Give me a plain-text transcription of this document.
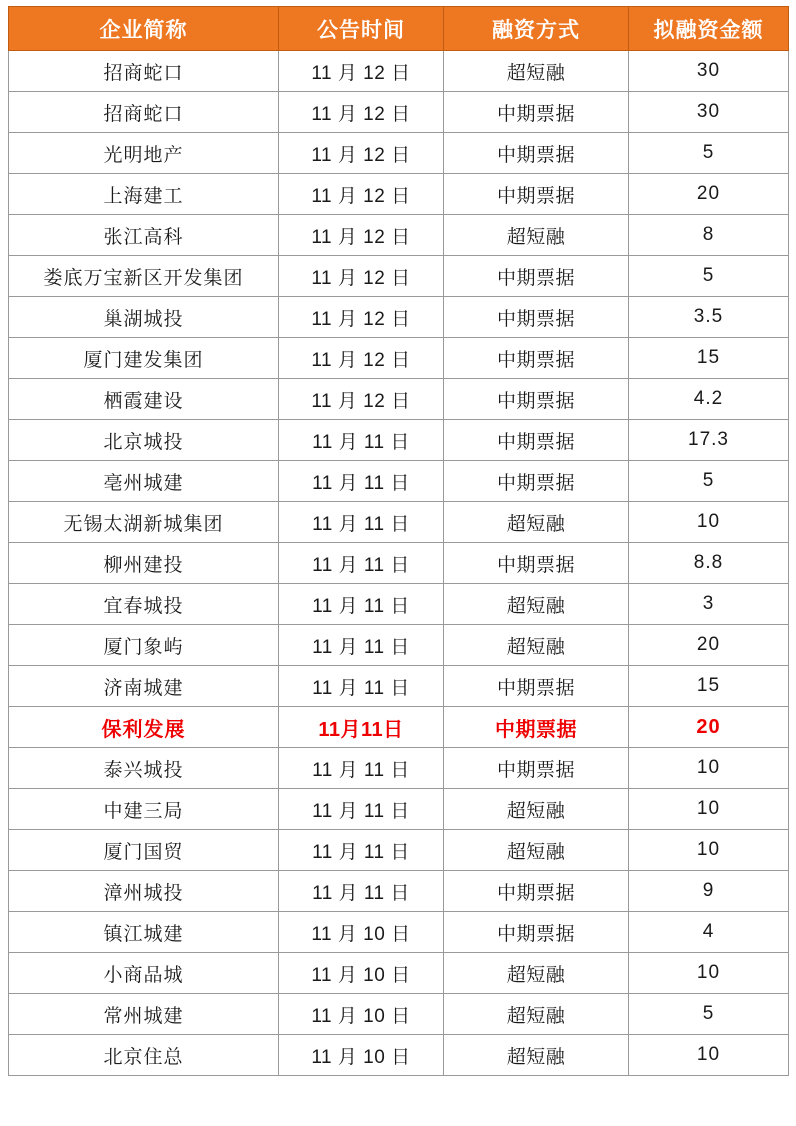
企业简称	公告时间	融资方式	拟融资金额
招商蛇口	11 月 12 日	超短融	30
招商蛇口	11 月 12 日	中期票据	30
光明地产	11 月 12 日	中期票据	5
上海建工	11 月 12 日	中期票据	20
张江高科	11 月 12 日	超短融	8
娄底万宝新区开发集团	11 月 12 日	中期票据	5
巢湖城投	11 月 12 日	中期票据	3.5
厦门建发集团	11 月 12 日	中期票据	15
栖霞建设	11 月 12 日	中期票据	4.2
北京城投	11 月 11 日	中期票据	17.3
亳州城建	11 月 11 日	中期票据	5
无锡太湖新城集团	11 月 11 日	超短融	10
柳州建投	11 月 11 日	中期票据	8.8
宜春城投	11 月 11 日	超短融	3
厦门象屿	11 月 11 日	超短融	20
济南城建	11 月 11 日	中期票据	15
保利发展	11月11日	中期票据	20
泰兴城投	11 月 11 日	中期票据	10
中建三局	11 月 11 日	超短融	10
厦门国贸	11 月 11 日	超短融	10
漳州城投	11 月 11 日	中期票据	9
镇江城建	11 月 10 日	中期票据	4
小商品城	11 月 10 日	超短融	10
常州城建	11 月 10 日	超短融	5
北京住总	11 月 10 日	超短融	10
